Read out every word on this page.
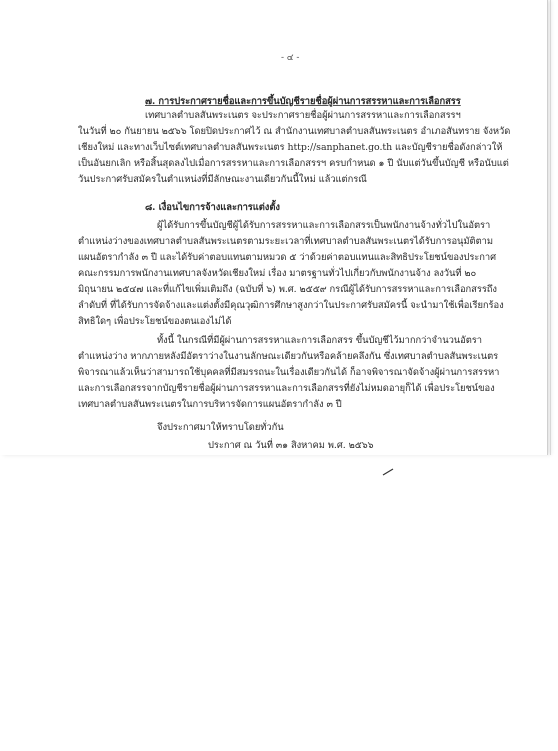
- ๔ -
๗. การประกาศรายชื่อและการขึ้นบัญชีรายชื่อผู้ผ่านการสรรหาและการเลือกสรร
เทศบาลตำบลสันพระเนตร จะประกาศรายชื่อผู้ผ่านการสรรหาและการเลือกสรรฯ
ในวันที่ ๒๐ กันยายน ๒๕๖๖ โดยปิดประกาศไว้ ณ สำนักงานเทศบาลตำบลสันพระเนตร อำเภอสันทราย จังหวัด
เชียงใหม่ และทางเว็บไซต์เทศบาลตำบลสันพระเนตร http://sanphanet.go.th และบัญชีรายชื่อดังกล่าวให้
เป็นอันยกเลิก หรือสิ้นสุดลงไปเมื่อการสรรหาและการเลือกสรรฯ ครบกำหนด ๑ ปี นับแต่วันขึ้นบัญชี หรือนับแต่
วันประกาศรับสมัครในตำแหน่งที่มีลักษณะงานเดียวกันนี้ใหม่ แล้วแต่กรณี
๘. เงื่อนไขการจ้างและการแต่งตั้ง
ผู้ได้รับการขึ้นบัญชีผู้ได้รับการสรรหาและการเลือกสรรเป็นพนักงานจ้างทั่วไปในอัตรา
ตำแหน่งว่างของเทศบาลตำบลสันพระเนตรตามระยะเวลาที่เทศบาลตำบลสันพระเนตรได้รับการอนุมัติตาม
แผนอัตรากำลัง ๓ ปี และได้รับค่าตอบแทนตามหมวด ๕ ว่าด้วยค่าตอบแทนและสิทธิประโยชน์ของประกาศ
คณะกรรมการพนักงานเทศบาลจังหวัดเชียงใหม่ เรื่อง มาตรฐานทั่วไปเกี่ยวกับพนักงานจ้าง ลงวันที่ ๒๐
มิถุนายน ๒๕๔๗ และที่แก้ไขเพิ่มเติมถึง (ฉบับที่ ๖) พ.ศ. ๒๕๕๙ กรณีผู้ได้รับการสรรหาและการเลือกสรรถึง
ลำดับที่ ที่ได้รับการจัดจ้างและแต่งตั้งมีคุณวุฒิการศึกษาสูงกว่าในประกาศรับสมัครนี้ จะนำมาใช้เพื่อเรียกร้อง
สิทธิใดๆ เพื่อประโยชน์ของตนเองไม่ได้
ทั้งนี้ ในกรณีที่มีผู้ผ่านการสรรหาและการเลือกสรร ขึ้นบัญชีไว้มากกว่าจำนวนอัตรา
ตำแหน่งว่าง หากภายหลังมีอัตราว่างในงานลักษณะเดียวกันหรือคล้ายคลึงกัน ซึ่งเทศบาลตำบลสันพระเนตร
พิจารณาแล้วเห็นว่าสามารถใช้บุคคลที่มีสมรรถนะในเรื่องเดียวกันได้ ก็อาจพิจารณาจัดจ้างผู้ผ่านการสรรหา
และการเลือกสรรจากบัญชีรายชื่อผู้ผ่านการสรรหาและการเลือกสรรที่ยังไม่หมดอายุก็ได้ เพื่อประโยชน์ของ
เทศบาลตำบลสันพระเนตรในการบริหารจัดการแผนอัตรากำลัง ๓ ปี
จึงประกาศมาให้ทราบโดยทั่วกัน
ประกาศ ณ วันที่ ๓๑ สิงหาคม พ.ศ. ๒๕๖๖
